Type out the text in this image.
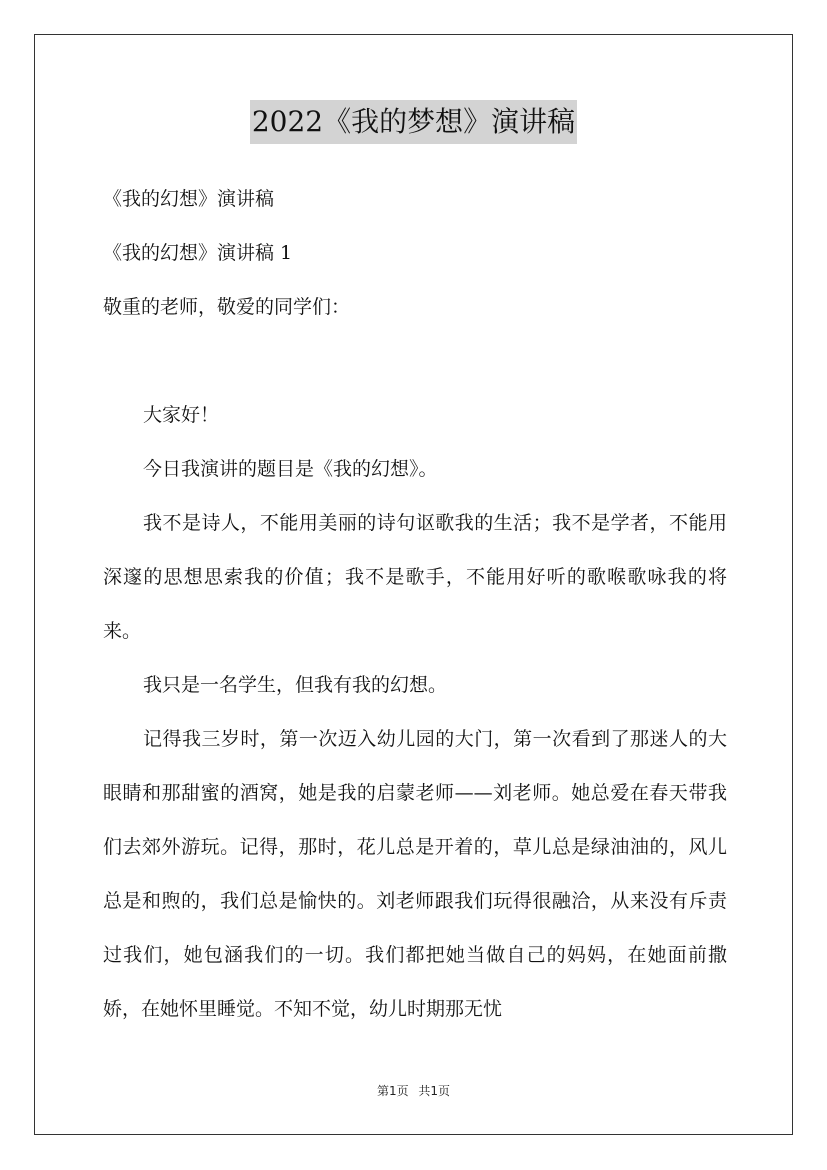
2022《我的梦想》演讲稿

《我的幻想》演讲稿

《我的幻想》演讲稿 1

敬重的老师，敬爱的同学们：

大家好！

今日我演讲的题目是《我的幻想》。

我不是诗人，不能用美丽的诗句讴歌我的生活；我不是学者，不能用深邃的思想思索我的价值；我不是歌手，不能用好听的歌喉歌咏我的将来。

我只是一名学生，但我有我的幻想。

记得我三岁时，第一次迈入幼儿园的大门，第一次看到了那迷人的大眼睛和那甜蜜的酒窝，她是我的启蒙老师——刘老师。她总爱在春天带我们去郊外游玩。记得，那时，花儿总是开着的，草儿总是绿油油的，风儿总是和煦的，我们总是愉快的。刘老师跟我们玩得很融洽，从来没有斥责过我们，她包涵我们的一切。我们都把她当做自己的妈妈，在她面前撒娇，在她怀里睡觉。不知不觉，幼儿时期那无忧

第1页 共1页
